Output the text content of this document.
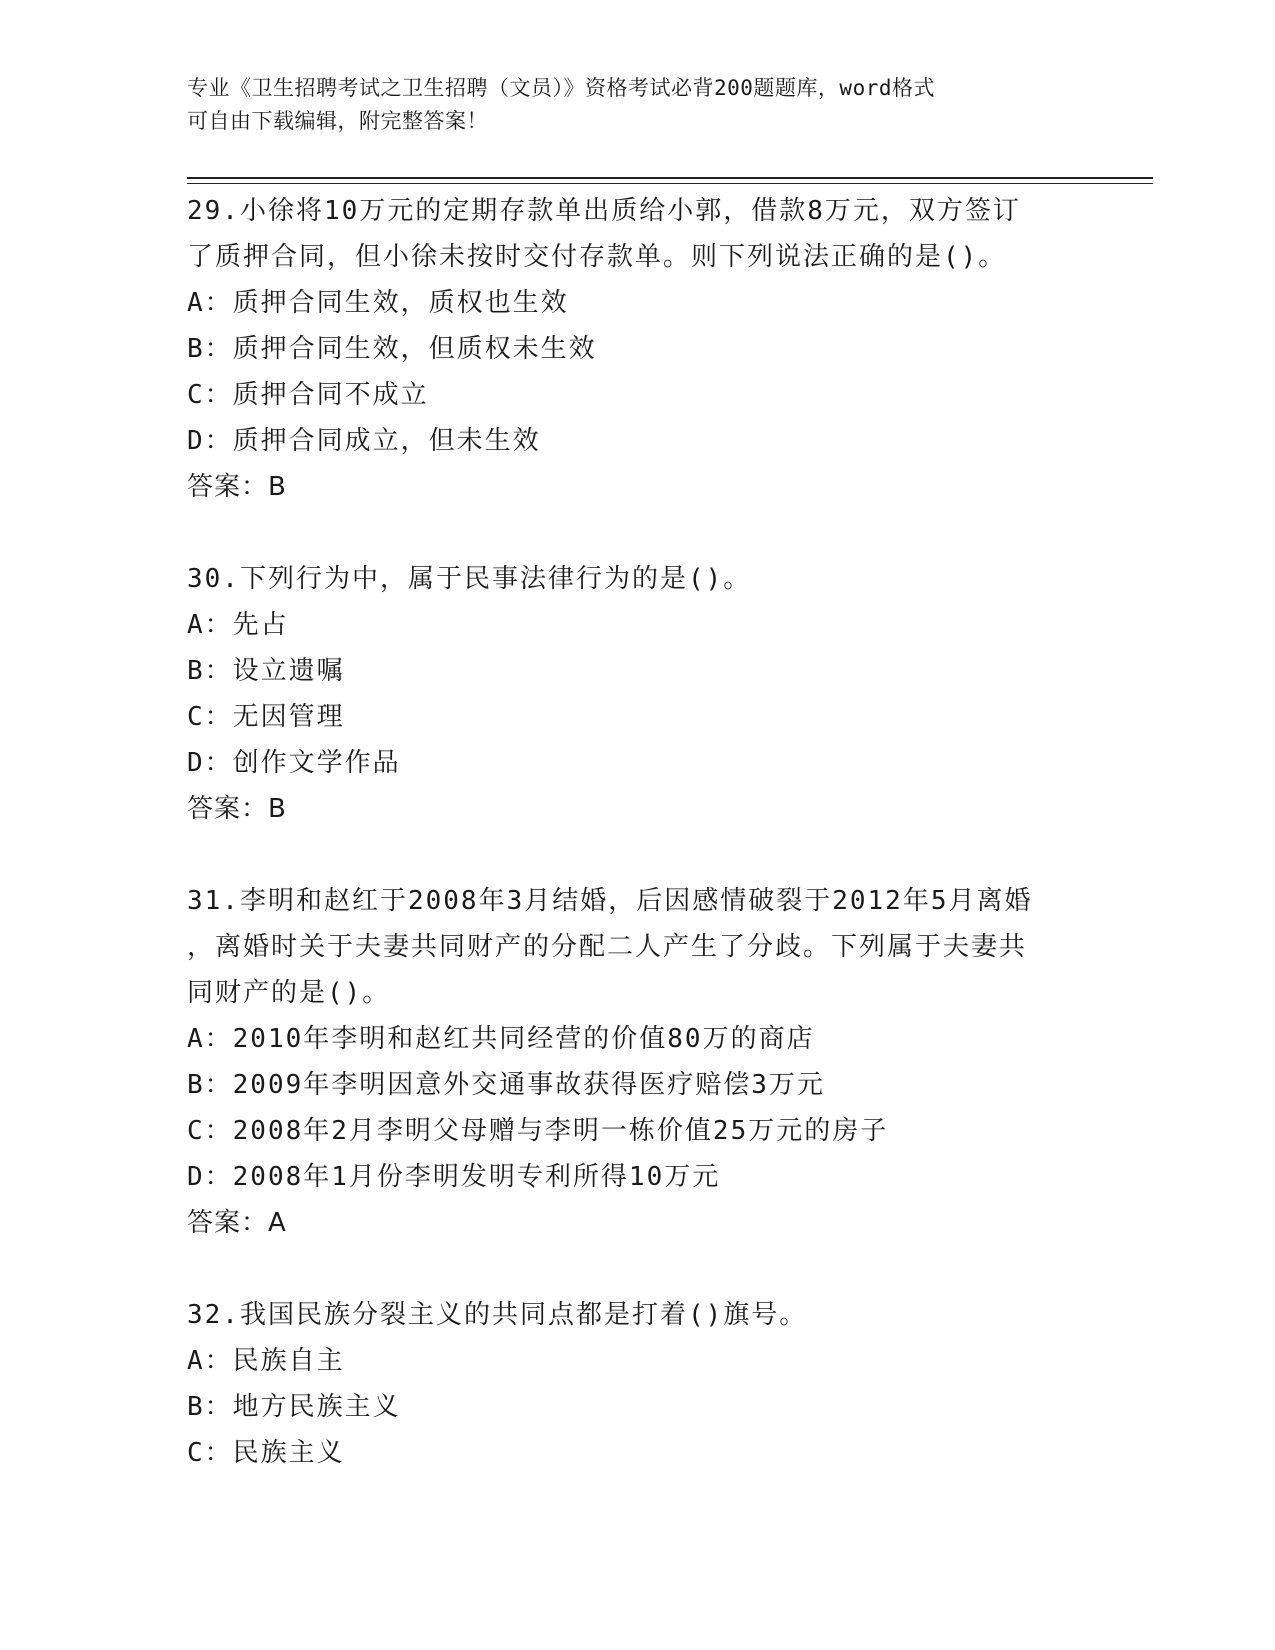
专业《卫生招聘考试之卫生招聘（文员）》资格考试必背200题题库，word格式
可自由下载编辑，附完整答案！
29.小徐将10万元的定期存款单出质给小郭，借款8万元，双方签订
了质押合同，但小徐未按时交付存款单。则下列说法正确的是()。
A：质押合同生效，质权也生效
B：质押合同生效，但质权未生效
C：质押合同不成立
D：质押合同成立，但未生效
答案：B
30.下列行为中，属于民事法律行为的是()。
A：先占
B：设立遗嘱
C：无因管理
D：创作文学作品
答案：B
31.李明和赵红于2008年3月结婚，后因感情破裂于2012年5月离婚
，离婚时关于夫妻共同财产的分配二人产生了分歧。下列属于夫妻共
同财产的是()。
A：2010年李明和赵红共同经营的价值80万的商店
B：2009年李明因意外交通事故获得医疗赔偿3万元
C：2008年2月李明父母赠与李明一栋价值25万元的房子
D：2008年1月份李明发明专利所得10万元
答案：A
32.我国民族分裂主义的共同点都是打着()旗号。
A：民族自主
B：地方民族主义
C：民族主义
